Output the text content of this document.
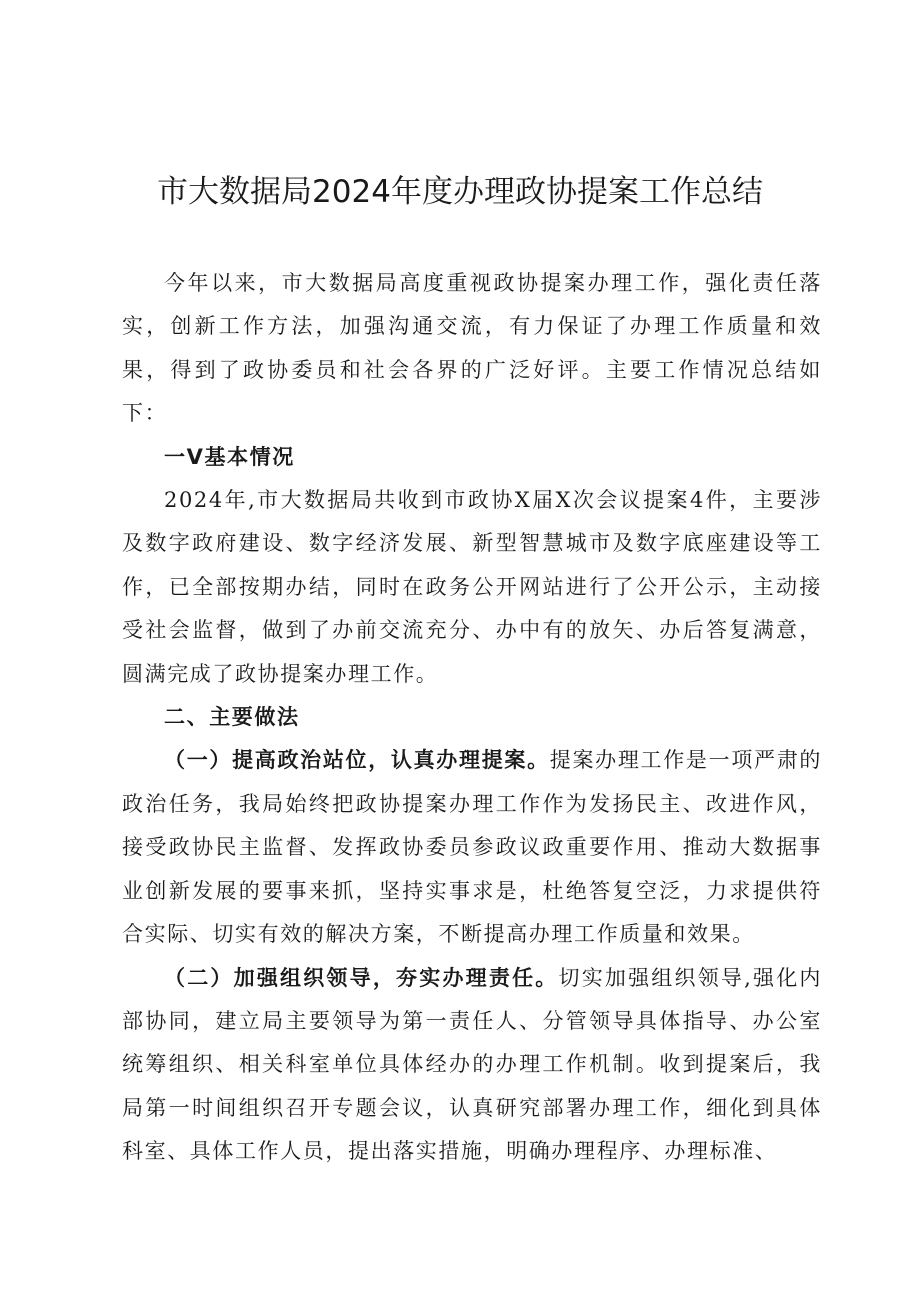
市大数据局2024年度办理政协提案工作总结

今年以来，市大数据局高度重视政协提案办理工作，强化责任落实，创新工作方法，加强沟通交流，有力保证了办理工作质量和效果，得到了政协委员和社会各界的广泛好评。主要工作情况总结如下：

一V基本情况

2024年,市大数据局共收到市政协X届X次会议提案4件，主要涉及数字政府建设、数字经济发展、新型智慧城市及数字底座建设等工作，已全部按期办结，同时在政务公开网站进行了公开公示，主动接受社会监督，做到了办前交流充分、办中有的放矢、办后答复满意，圆满完成了政协提案办理工作。

二、主要做法

（一）提高政治站位，认真办理提案。提案办理工作是一项严肃的政治任务，我局始终把政协提案办理工作作为发扬民主、改进作风，接受政协民主监督、发挥政协委员参政议政重要作用、推动大数据事业创新发展的要事来抓，坚持实事求是，杜绝答复空泛，力求提供符合实际、切实有效的解决方案，不断提高办理工作质量和效果。

（二）加强组织领导，夯实办理责任。切实加强组织领导,强化内部协同，建立局主要领导为第一责任人、分管领导具体指导、办公室统筹组织、相关科室单位具体经办的办理工作机制。收到提案后，我局第一时间组织召开专题会议，认真研究部署办理工作，细化到具体科室、具体工作人员，提出落实措施，明确办理程序、办理标准、
